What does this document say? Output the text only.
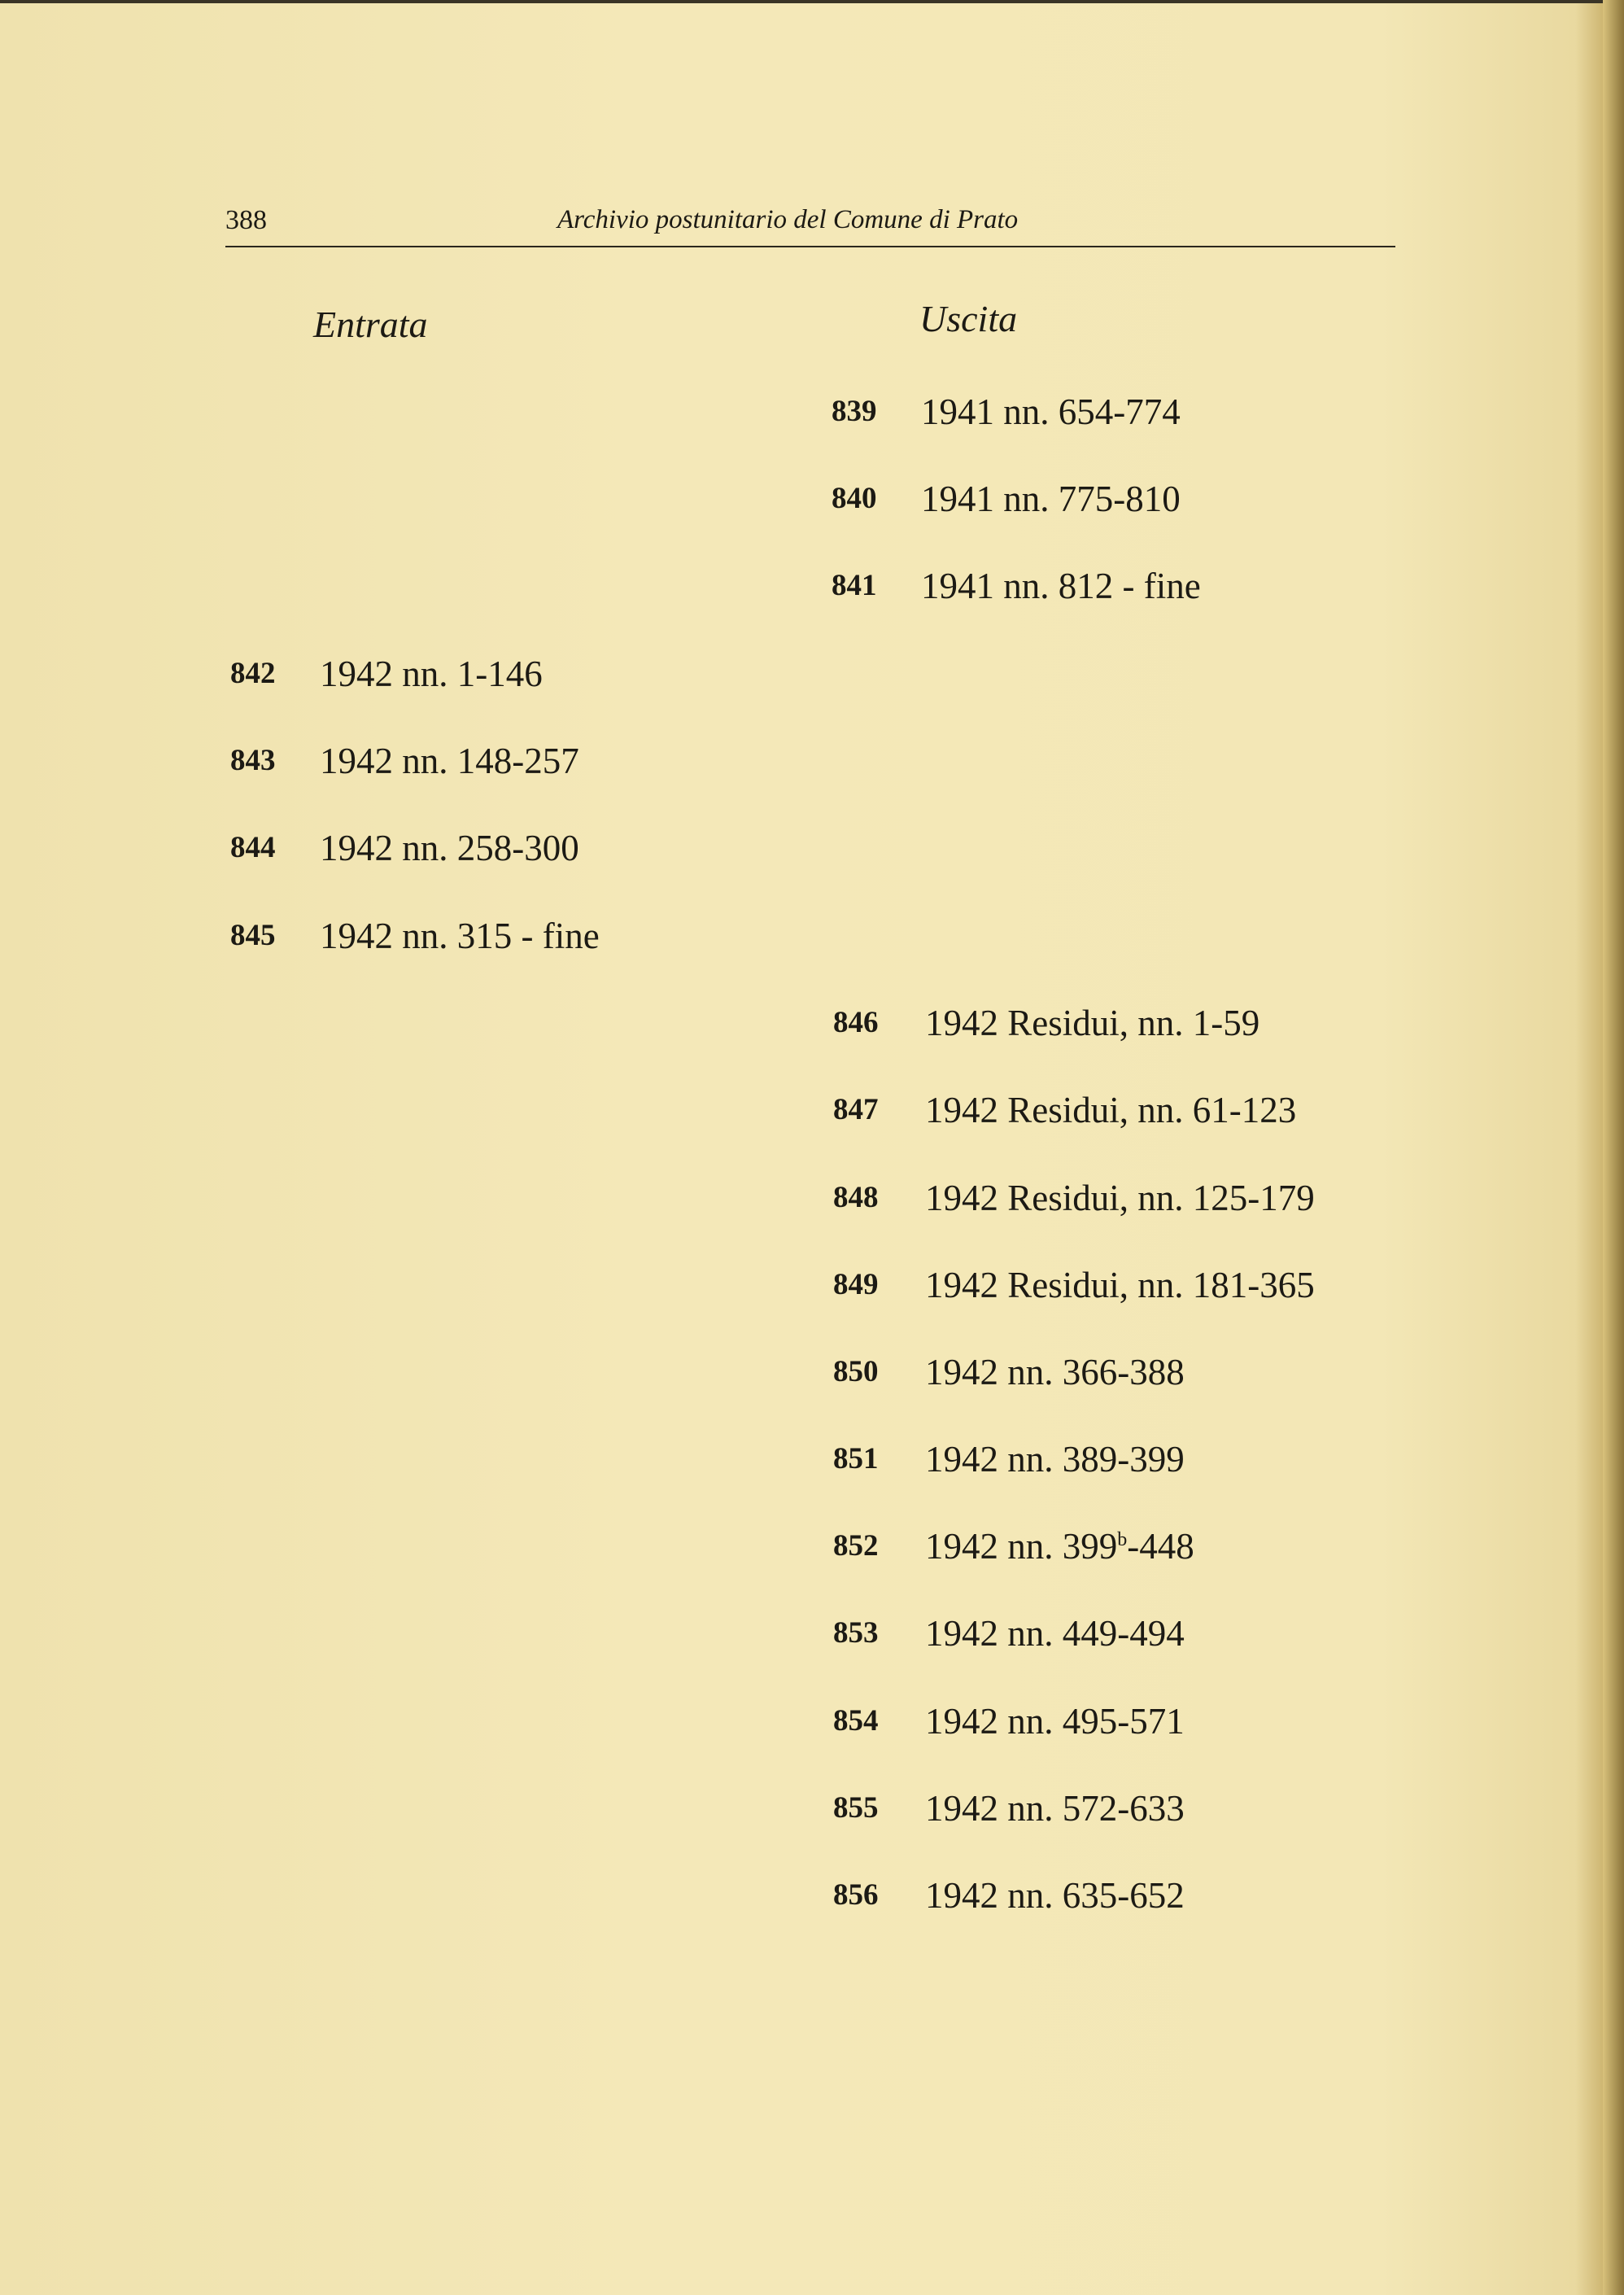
388	Archivio postunitario del Comune di Prato
Entrata	Uscita
839 1941 nn. 654-774
840 1941 nn. 775-810
841 1941 nn. 812 - fine
842 1942 nn. 1-146
843 1942 nn. 148-257
844 1942 nn. 258-300
845 1942 nn. 315 - fine
846 1942 Residui, nn. 1-59
847 1942 Residui, nn. 61-123
848 1942 Residui, nn. 125-179
849 1942 Residui, nn. 181-365
850 1942 nn. 366-388
851 1942 nn. 389-399
852 1942 nn. 399$^b$-448
853 1942 nn. 449-494
854 1942 nn. 495-571
855 1942 nn. 572-633
856 1942 nn. 635-652
